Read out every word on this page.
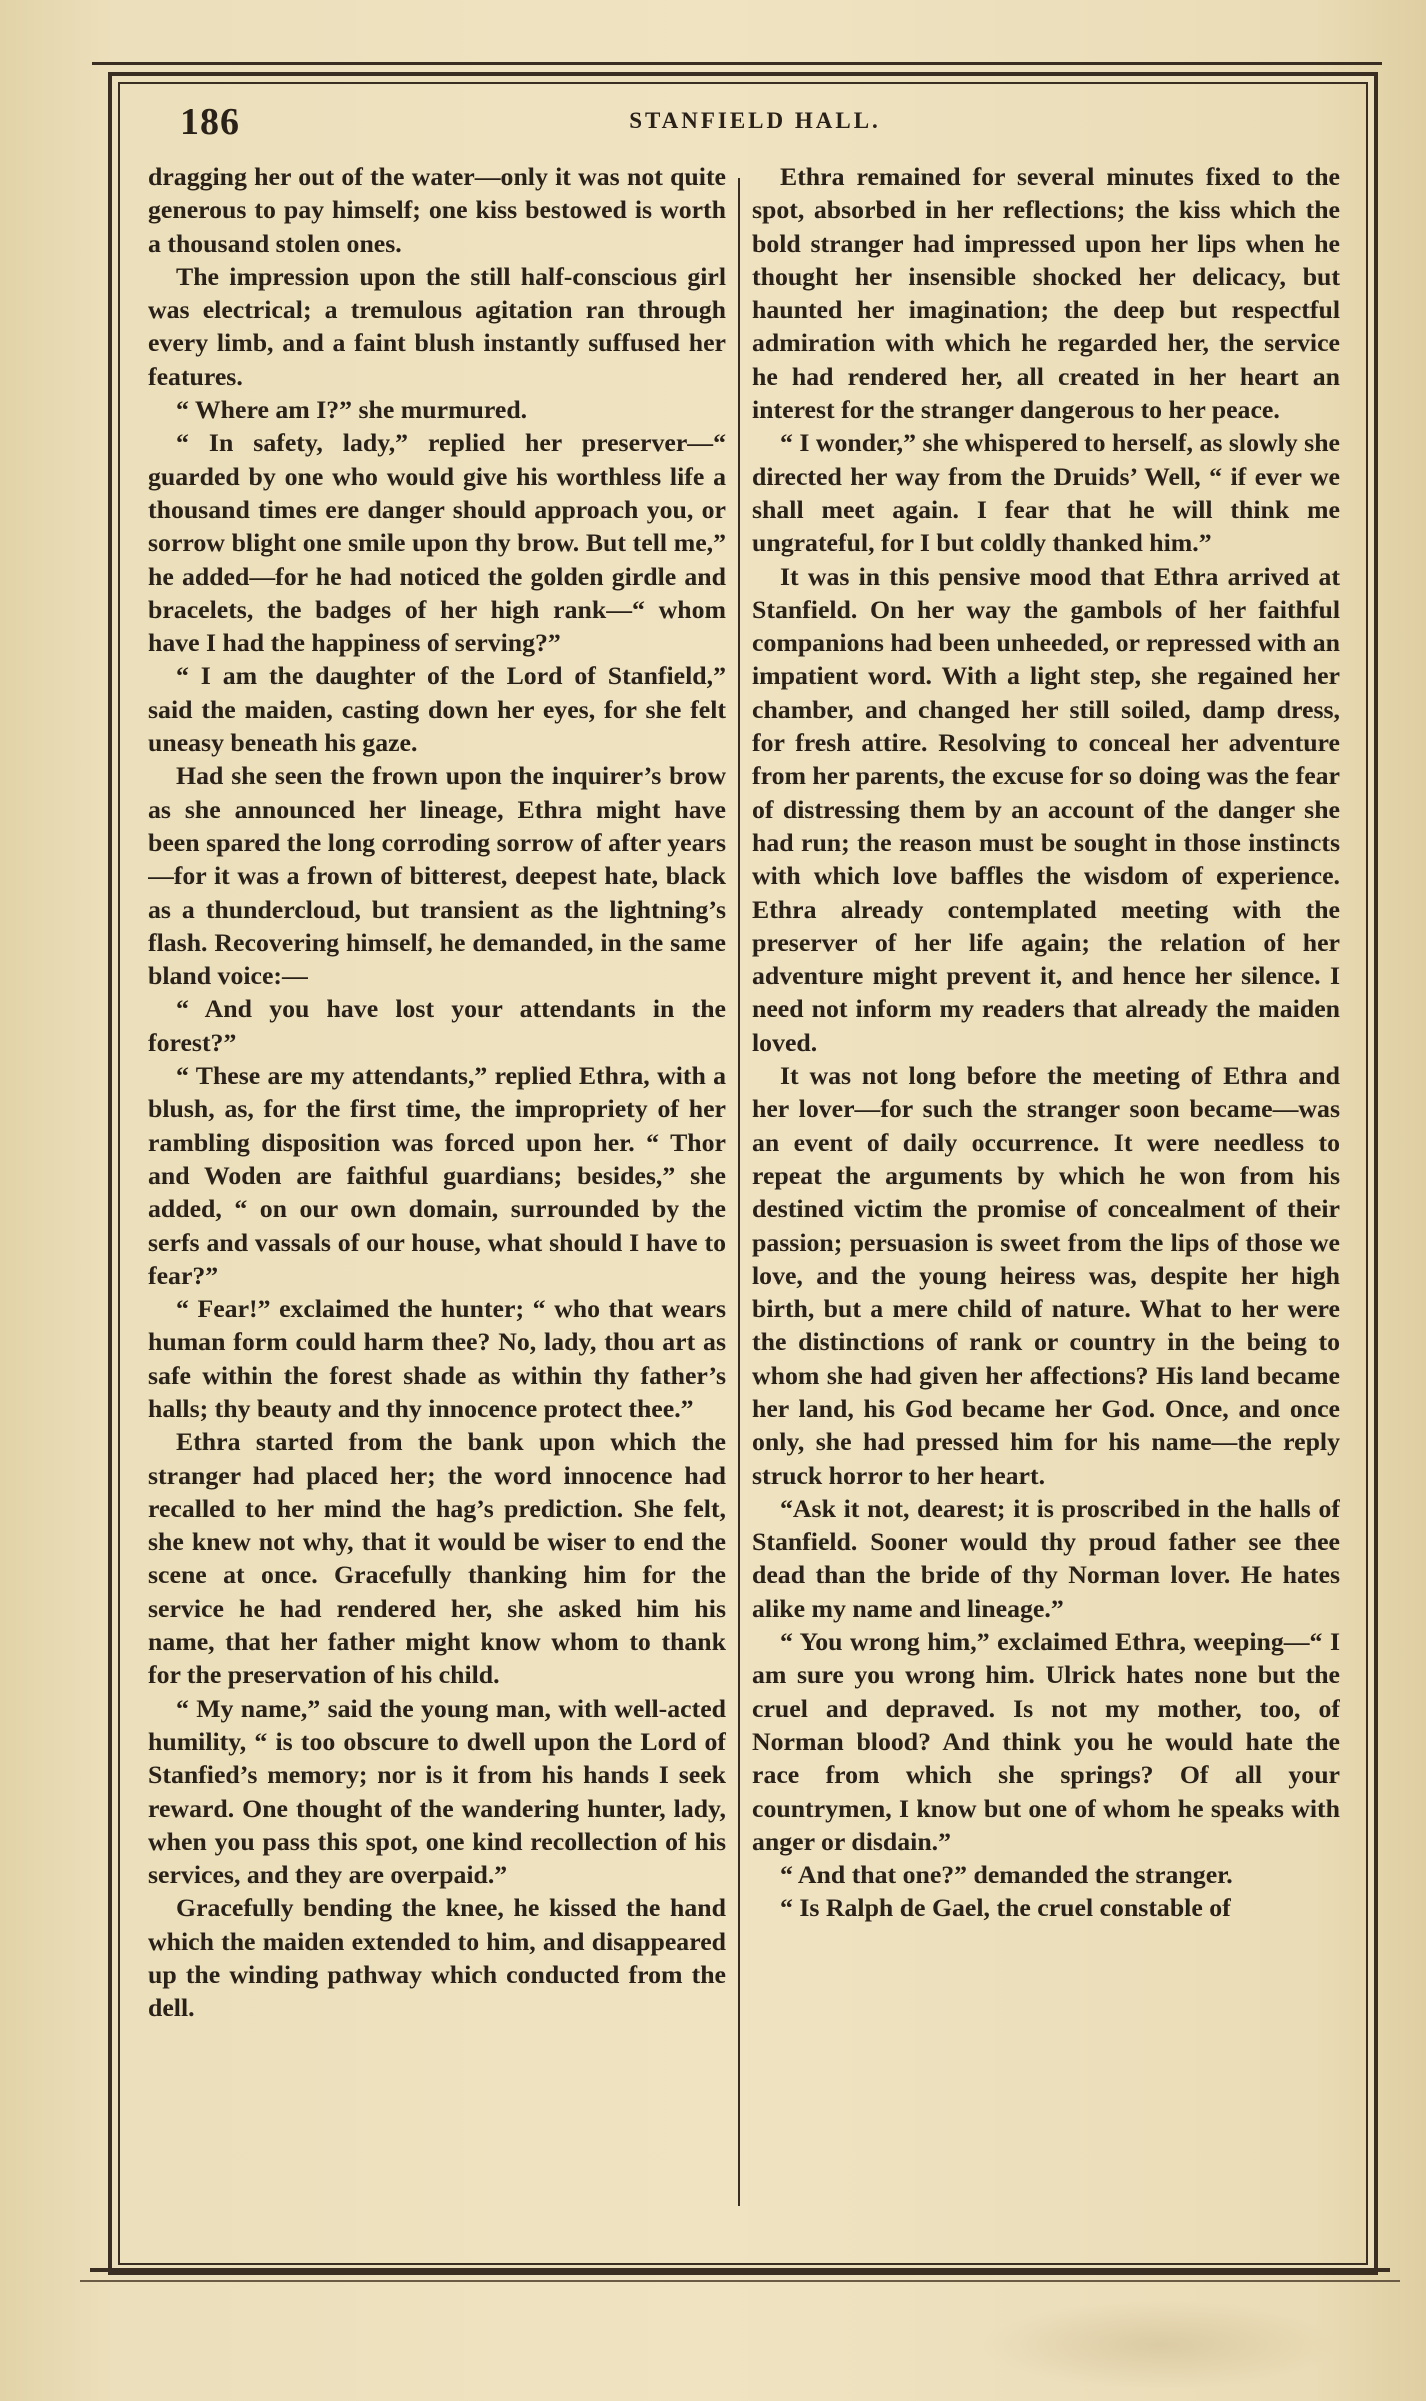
186	STANFIELD HALL.

dragging her out of the water—only it was not quite generous to pay himself; one kiss bestowed is worth a thousand stolen ones.

The impression upon the still half-conscious girl was electrical; a tremulous agitation ran through every limb, and a faint blush instantly suffused her features.

“ Where am I?” she murmured.

“ In safety, lady,” replied her preserver—“ guarded by one who would give his worthless life a thousand times ere danger should approach you, or sorrow blight one smile upon thy brow. But tell me,” he added—for he had noticed the golden girdle and bracelets, the badges of her high rank—“ whom have I had the happiness of serving?”

“ I am the daughter of the Lord of Stanfield,” said the maiden, casting down her eyes, for she felt uneasy beneath his gaze.

Had she seen the frown upon the inquirer’s brow as she announced her lineage, Ethra might have been spared the long corroding sorrow of after years—for it was a frown of bitterest, deepest hate, black as a thundercloud, but transient as the lightning’s flash. Recovering himself, he demanded, in the same bland voice:—

“ And you have lost your attendants in the forest?”

“ These are my attendants,” replied Ethra, with a blush, as, for the first time, the impropriety of her rambling disposition was forced upon her. “ Thor and Woden are faithful guardians; besides,” she added, “ on our own domain, surrounded by the serfs and vassals of our house, what should I have to fear?”

“ Fear!” exclaimed the hunter; “ who that wears human form could harm thee? No, lady, thou art as safe within the forest shade as within thy father’s halls; thy beauty and thy innocence protect thee.”

Ethra started from the bank upon which the stranger had placed her; the word innocence had recalled to her mind the hag’s prediction. She felt, she knew not why, that it would be wiser to end the scene at once. Gracefully thanking him for the service he had rendered her, she asked him his name, that her father might know whom to thank for the preservation of his child.

“ My name,” said the young man, with well-acted humility, “ is too obscure to dwell upon the Lord of Stanfied’s memory; nor is it from his hands I seek reward. One thought of the wandering hunter, lady, when you pass this spot, one kind recollection of his services, and they are overpaid.”

Gracefully bending the knee, he kissed the hand which the maiden extended to him, and disappeared up the winding pathway which conducted from the dell.

Ethra remained for several minutes fixed to the spot, absorbed in her reflections; the kiss which the bold stranger had impressed upon her lips when he thought her insensible shocked her delicacy, but haunted her imagination; the deep but respectful admiration with which he regarded her, the service he had rendered her, all created in her heart an interest for the stranger dangerous to her peace.

“ I wonder,” she whispered to herself, as slowly she directed her way from the Druids’ Well, “ if ever we shall meet again. I fear that he will think me ungrateful, for I but coldly thanked him.”

It was in this pensive mood that Ethra arrived at Stanfield. On her way the gambols of her faithful companions had been unheeded, or repressed with an impatient word. With a light step, she regained her chamber, and changed her still soiled, damp dress, for fresh attire. Resolving to conceal her adventure from her parents, the excuse for so doing was the fear of distressing them by an account of the danger she had run; the reason must be sought in those instincts with which love baffles the wisdom of experience. Ethra already contemplated meeting with the preserver of her life again; the relation of her adventure might prevent it, and hence her silence. I need not inform my readers that already the maiden loved.

It was not long before the meeting of Ethra and her lover—for such the stranger soon became—was an event of daily occurrence. It were needless to repeat the arguments by which he won from his destined victim the promise of concealment of their passion; persuasion is sweet from the lips of those we love, and the young heiress was, despite her high birth, but a mere child of nature. What to her were the distinctions of rank or country in the being to whom she had given her affections? His land became her land, his God became her God. Once, and once only, she had pressed him for his name—the reply struck horror to her heart.

“Ask it not, dearest; it is proscribed in the halls of Stanfield. Sooner would thy proud father see thee dead than the bride of thy Norman lover. He hates alike my name and lineage.”

“ You wrong him,” exclaimed Ethra, weeping—“ I am sure you wrong him. Ulrick hates none but the cruel and depraved. Is not my mother, too, of Norman blood? And think you he would hate the race from which she springs? Of all your countrymen, I know but one of whom he speaks with anger or disdain.”

“ And that one?” demanded the stranger.

“ Is Ralph de Gael, the cruel constable of
